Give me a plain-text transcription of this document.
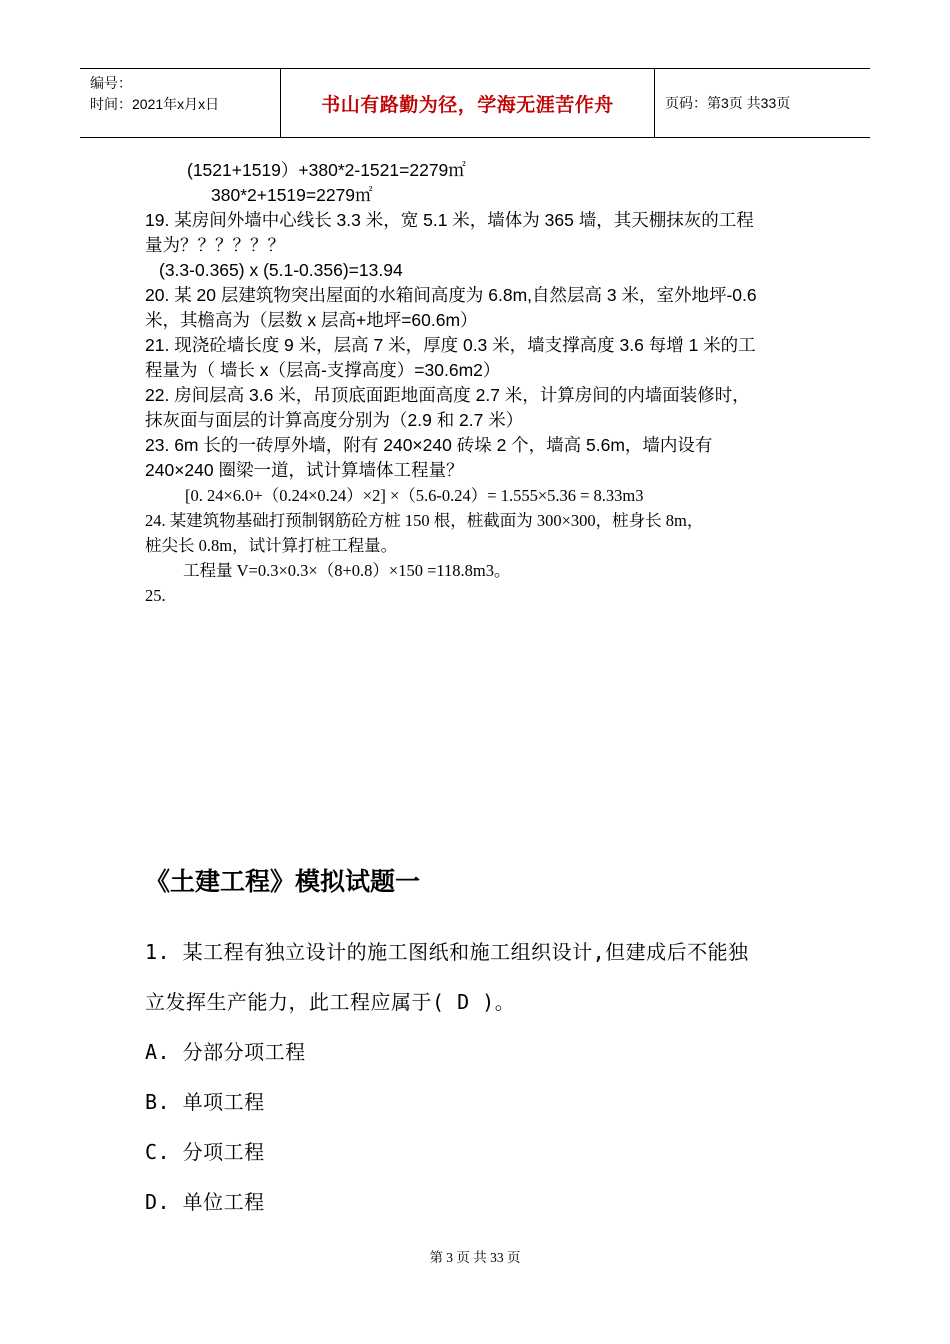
编号：
时间：2021年x月x日	书山有路勤为径，学海无涯苦作舟	页码：第3页 共33页
(1521+1519）+380*2-1521=2279㎡
380*2+1519=2279㎡
19. 某房间外墙中心线长 3.3 米，宽 5.1 米，墙体为 365 墙，其天棚抹灰的工程
量为？？？？？？
(3.3-0.365) x (5.1-0.356)=13.94
20. 某 20 层建筑物突出屋面的水箱间高度为 6.8m,自然层高 3 米，室外地坪-0.6
米，其檐高为（层数 x 层高+地坪=60.6m）
21. 现浇砼墙长度 9 米，层高 7 米，厚度 0.3 米，墙支撑高度 3.6 每增 1 米的工
程量为（ 墙长 x（层高-支撑高度）=30.6m2）
22. 房间层高 3.6 米，吊顶底面距地面高度 2.7 米，计算房间的内墙面装修时，
抹灰面与面层的计算高度分别为（2.9 和 2.7 米）
23. 6m 长的一砖厚外墙，附有 240×240 砖垛 2 个，墙高 5.6m，墙内设有
240×240 圈梁一道，试计算墙体工程量？
[0. 24×6.0+（0.24×0.24）×2] ×（5.6-0.24）= 1.555×5.36 = 8.33m3
24. 某建筑物基础打预制钢筋砼方桩 150 根，桩截面为 300×300，桩身长 8m，
桩尖长 0.8m，试计算打桩工程量。
工程量 V=0.3×0.3×（8+0.8）×150 =118.8m3。
25.
《土建工程》模拟试题一
1. 某工程有独立设计的施工图纸和施工组织设计,但建成后不能独
立发挥生产能力，此工程应属于( D )。
A. 分部分项工程
B. 单项工程
C. 分项工程
D. 单位工程
第 3 页 共 33 页
